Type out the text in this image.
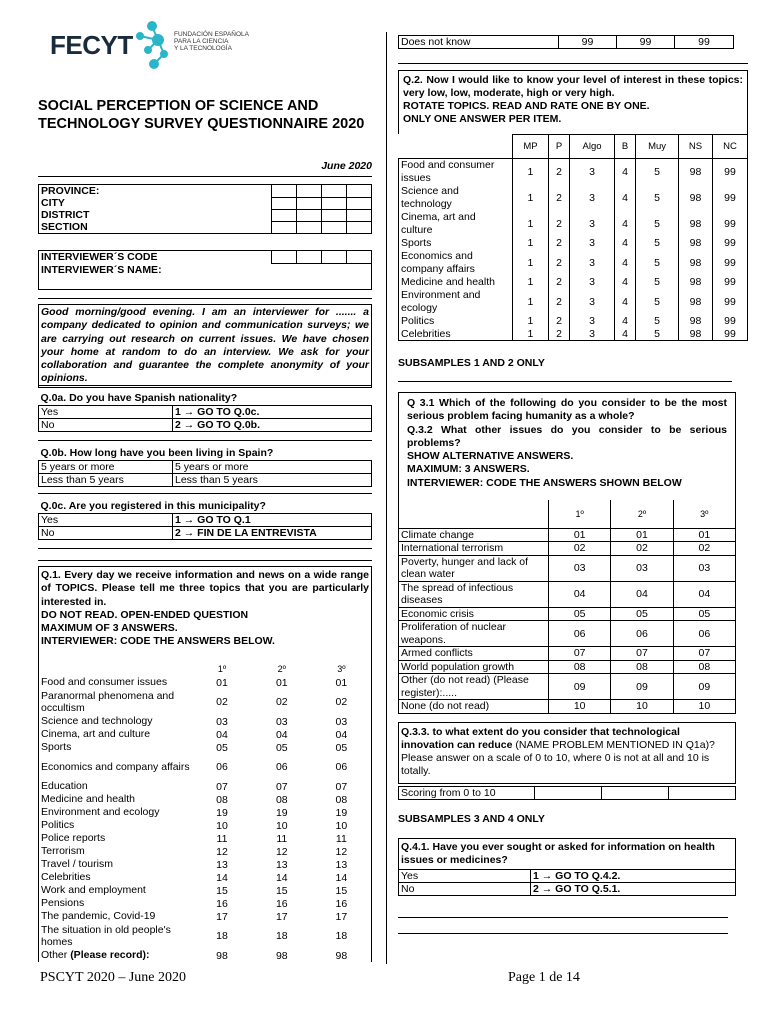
FECYT	FUNDACIÓN ESPAÑOLA
PARA LA CIENCIA
Y LA TECNOLOGÍA
SOCIAL PERCEPTION OF SCIENCE AND TECHNOLOGY SURVEY QUESTIONNAIRE 2020
June 2020
PROVINCE:				
CITY				
DISTRICT				
SECTION				
INTERVIEWER´S CODE				
INTERVIEWER´S NAME:
Good morning/good evening. I am an interviewer for ....... a company dedicated to opinion and communication surveys; we are carrying out research on current issues. We have chosen your home at random to do an interview. We ask for your collaboration and guarantee the complete anonymity of your opinions.
Q.0a. Do you have Spanish nationality?	
Yes	1 → GO TO Q.0c.
No	2 → GO TO Q.0b.
Q.0b. How long have you been living in Spain?	
5 years or more	5 years or more
Less than 5 years	Less than 5 years
Q.0c. Are you registered in this municipality?	
Yes	1 → GO TO Q.1
No	2 → FIN DE LA ENTREVISTA
Q.1. Every day we receive information and news on a wide range of TOPICS. Please tell me three topics that you are particularly interested in.
DO NOT READ. OPEN-ENDED QUESTION
MAXIMUM OF 3 ANSWERS.
INTERVIEWER: CODE THE ANSWERS BELOW.
	1º	2º	3º
Food and consumer issues	01	01	01
Paranormal phenomena and occultism	02	02	02
Science and technology	03	03	03
Cinema, art and culture	04	04	04
Sports	05	05	05
Economics and company affairs	06	06	06
Education	07	07	07
Medicine and health	08	08	08
Environment and ecology	19	19	19
Politics	10	10	10
Police reports	11	11	11
Terrorism	12	12	12
Travel / tourism	13	13	13
Celebrities	14	14	14
Work and employment	15	15	15
Pensions	16	16	16
The pandemic, Covid-19	17	17	17
The situation in old people's homes	18	18	18
Other (Please record):	98	98	98
Does not know	99	99	99
Q.2. Now I would like to know your level of interest in these topics: very low, low, moderate, high or very high.
ROTATE TOPICS. READ AND RATE ONE BY ONE.
ONLY ONE ANSWER PER ITEM.
	MP	P	Algo	B	Muy	NS	NC
Food and consumer issues	1	2	3	4	5	98	99
Science and technology	1	2	3	4	5	98	99
Cinema, art and culture	1	2	3	4	5	98	99
Sports	1	2	3	4	5	98	99
Economics and company affairs	1	2	3	4	5	98	99
Medicine and health	1	2	3	4	5	98	99
Environment and ecology	1	2	3	4	5	98	99
Politics	1	2	3	4	5	98	99
Celebrities	1	2	3	4	5	98	99
SUBSAMPLES 1 AND 2 ONLY
Q 3.1 Which of the following do you consider to be the most serious problem facing humanity as a whole?
Q.3.2 What other issues do you consider to be serious problems?
SHOW ALTERNATIVE ANSWERS.
MAXIMUM: 3 ANSWERS.
INTERVIEWER: CODE THE ANSWERS SHOWN BELOW
	1º	2º	3º
Climate change	01	01	01
International terrorism	02	02	02
Poverty, hunger and lack of clean water	03	03	03
The spread of infectious diseases	04	04	04
Economic crisis	05	05	05
Proliferation of nuclear weapons.	06	06	06
Armed conflicts	07	07	07
World population growth	08	08	08
Other (do not read) (Please register):.....	09	09	09
None (do not read)	10	10	10
Q.3.3. to what extent do you consider that technological innovation can reduce (NAME PROBLEM MENTIONED IN Q1a)? Please answer on a scale of 0 to 10, where 0 is not at all and 10 is totally.
Scoring from 0 to 10			
SUBSAMPLES 3 AND 4 ONLY
Q.4.1. Have you ever sought or asked for information on health issues or medicines?	
Yes	1 → GO TO Q.4.2.
No	2 → GO TO Q.5.1.
PSCYT 2020 – June 2020	Page 1 de 14
